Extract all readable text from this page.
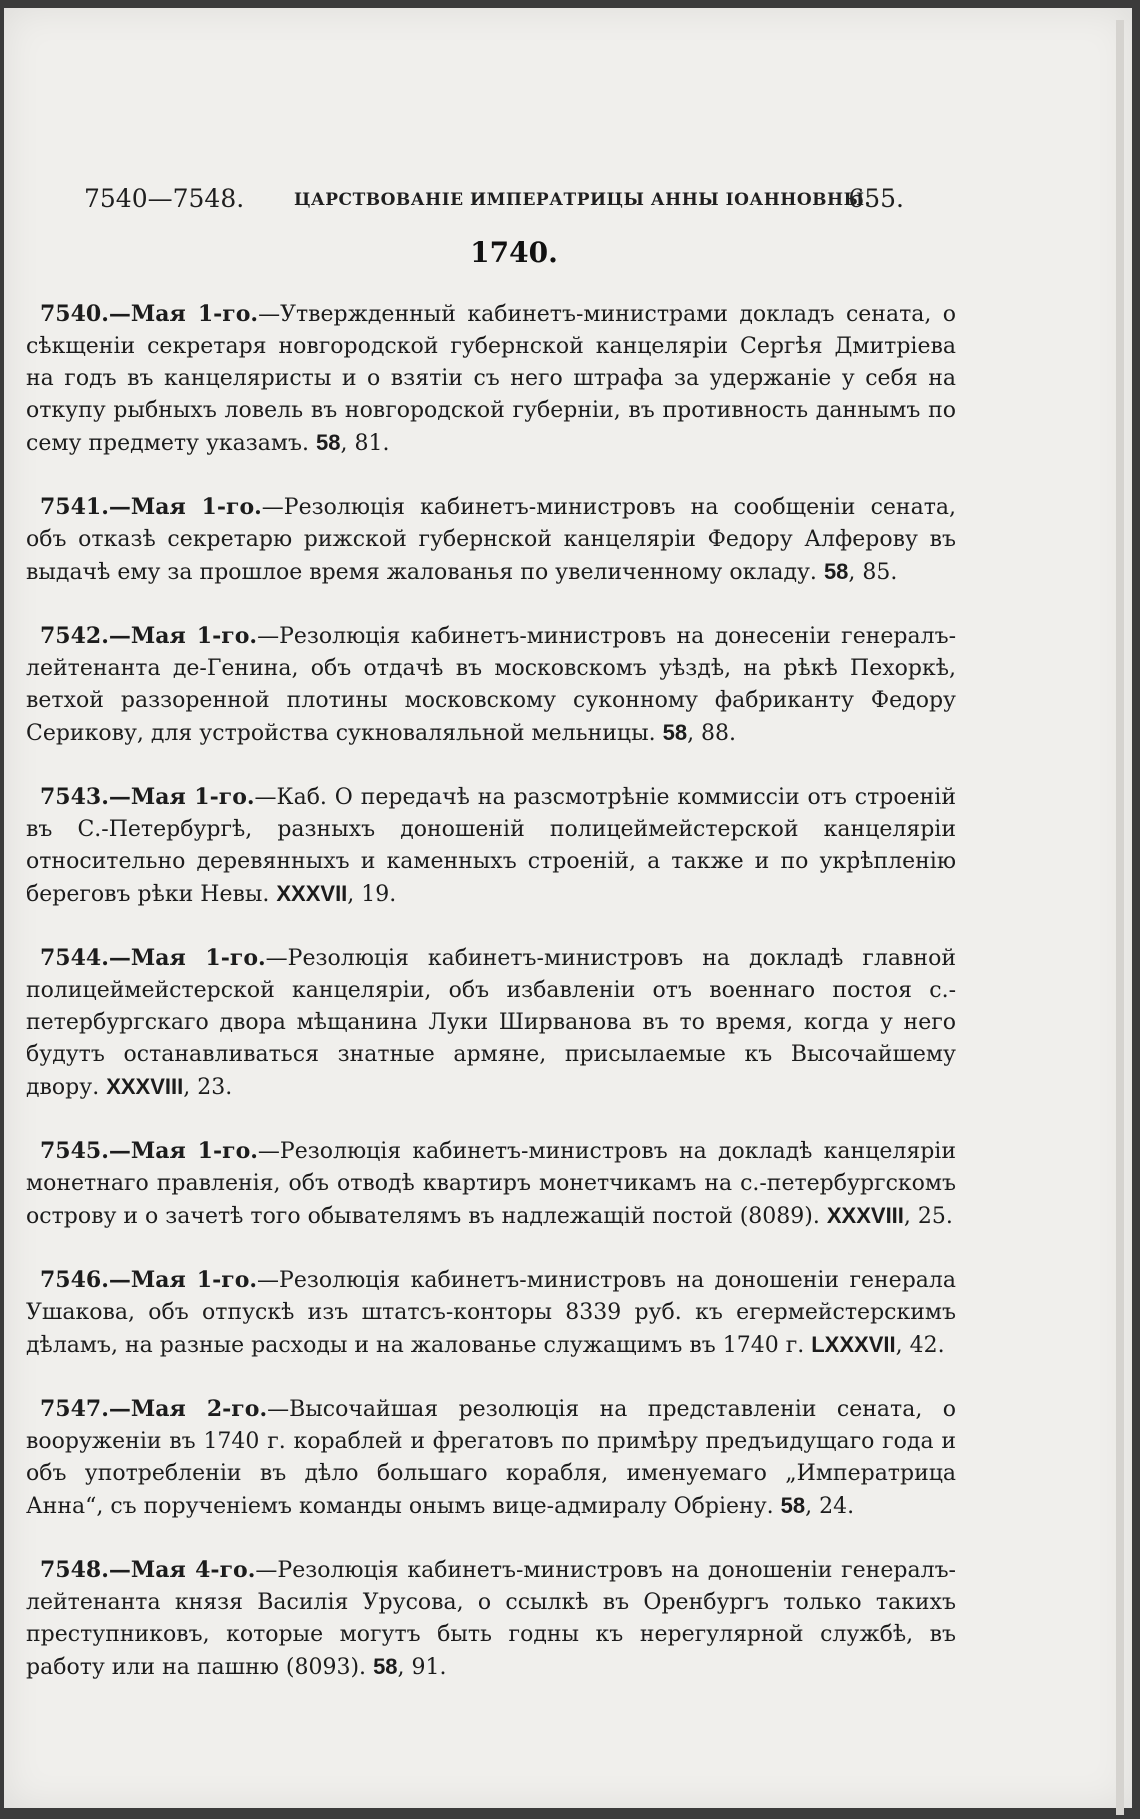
7540—7548.	ЦАРСТВОВАНІЕ ИМПЕРАТРИЦЫ АННЫ ІОАННОВНЫ.
655.
1740.

7540.—Мая 1-го.—Утвержденный кабинетъ-министрами докладъ сената, о сѣкщеніи секретаря новгородской губернской канцеляріи Сергѣя Дмитріева на годъ въ канцеляристы и о взятіи съ него штрафа за удержаніе у себя на откупу рыбныхъ ловель въ новгородской губерніи, въ противность даннымъ по сему предмету указамъ. 58, 81.

7541.—Мая 1-го.—Резолюція кабинетъ-министровъ на сообщеніи сената, объ отказѣ секретарю рижской губернской канцеляріи Федору Алферову въ выдачѣ ему за прошлое время жалованья по увеличенному окладу. 58, 85.

7542.—Мая 1-го.—Резолюція кабинетъ-министровъ на донесеніи генералъ-лейтенанта де-Генина, объ отдачѣ въ московскомъ уѣздѣ, на рѣкѣ Пехоркѣ, ветхой раззоренной плотины московскому суконному фабриканту Федору Серикову, для устройства сукноваляльной мельницы. 58, 88.

7543.—Мая 1-го.—Каб. О передачѣ на разсмотрѣніе коммиссіи отъ строеній въ С.-Петербургѣ, разныхъ доношеній полицеймейстерской канцеляріи относительно деревянныхъ и каменныхъ строеній, а также и по укрѣпленію береговъ рѣки Невы. XXXVII, 19.

7544.—Мая 1-го.—Резолюція кабинетъ-министровъ на докладѣ главной полицеймейстерской канцеляріи, объ избавленіи отъ военнаго постоя с.-петербургскаго двора мѣщанина Луки Ширванова въ то время, когда у него будутъ останавливаться знатные армяне, присылаемые къ Высочайшему двору. XXXVIII, 23.

7545.—Мая 1-го.—Резолюція кабинетъ-министровъ на докладѣ канцеляріи монетнаго правленія, объ отводѣ квартиръ монетчикамъ на с.-петербургскомъ острову и о зачетѣ того обывателямъ въ надлежащій постой (8089). XXXVIII, 25.

7546.—Мая 1-го.—Резолюція кабинетъ-министровъ на доношеніи генерала Ушакова, объ отпускѣ изъ штатсъ-конторы 8339 руб. къ егермейстерскимъ дѣламъ, на разные расходы и на жалованье служащимъ въ 1740 г. LXXXVII, 42.

7547.—Мая 2-го.—Высочайшая резолюція на представленіи сената, о вооруженіи въ 1740 г. кораблей и фрегатовъ по примѣру предъидущаго года и объ употребленіи въ дѣло большаго корабля, именуемаго „Императрица Анна“, съ порученіемъ команды онымъ вице-адмиралу Обріену. 58, 24.

7548.—Мая 4-го.—Резолюція кабинетъ-министровъ на доношеніи генералъ-лейтенанта князя Василія Урусова, о ссылкѣ въ Оренбургъ только такихъ преступниковъ, которые могутъ быть годны къ нерегулярной службѣ, въ работу или на пашню (8093). 58, 91.
